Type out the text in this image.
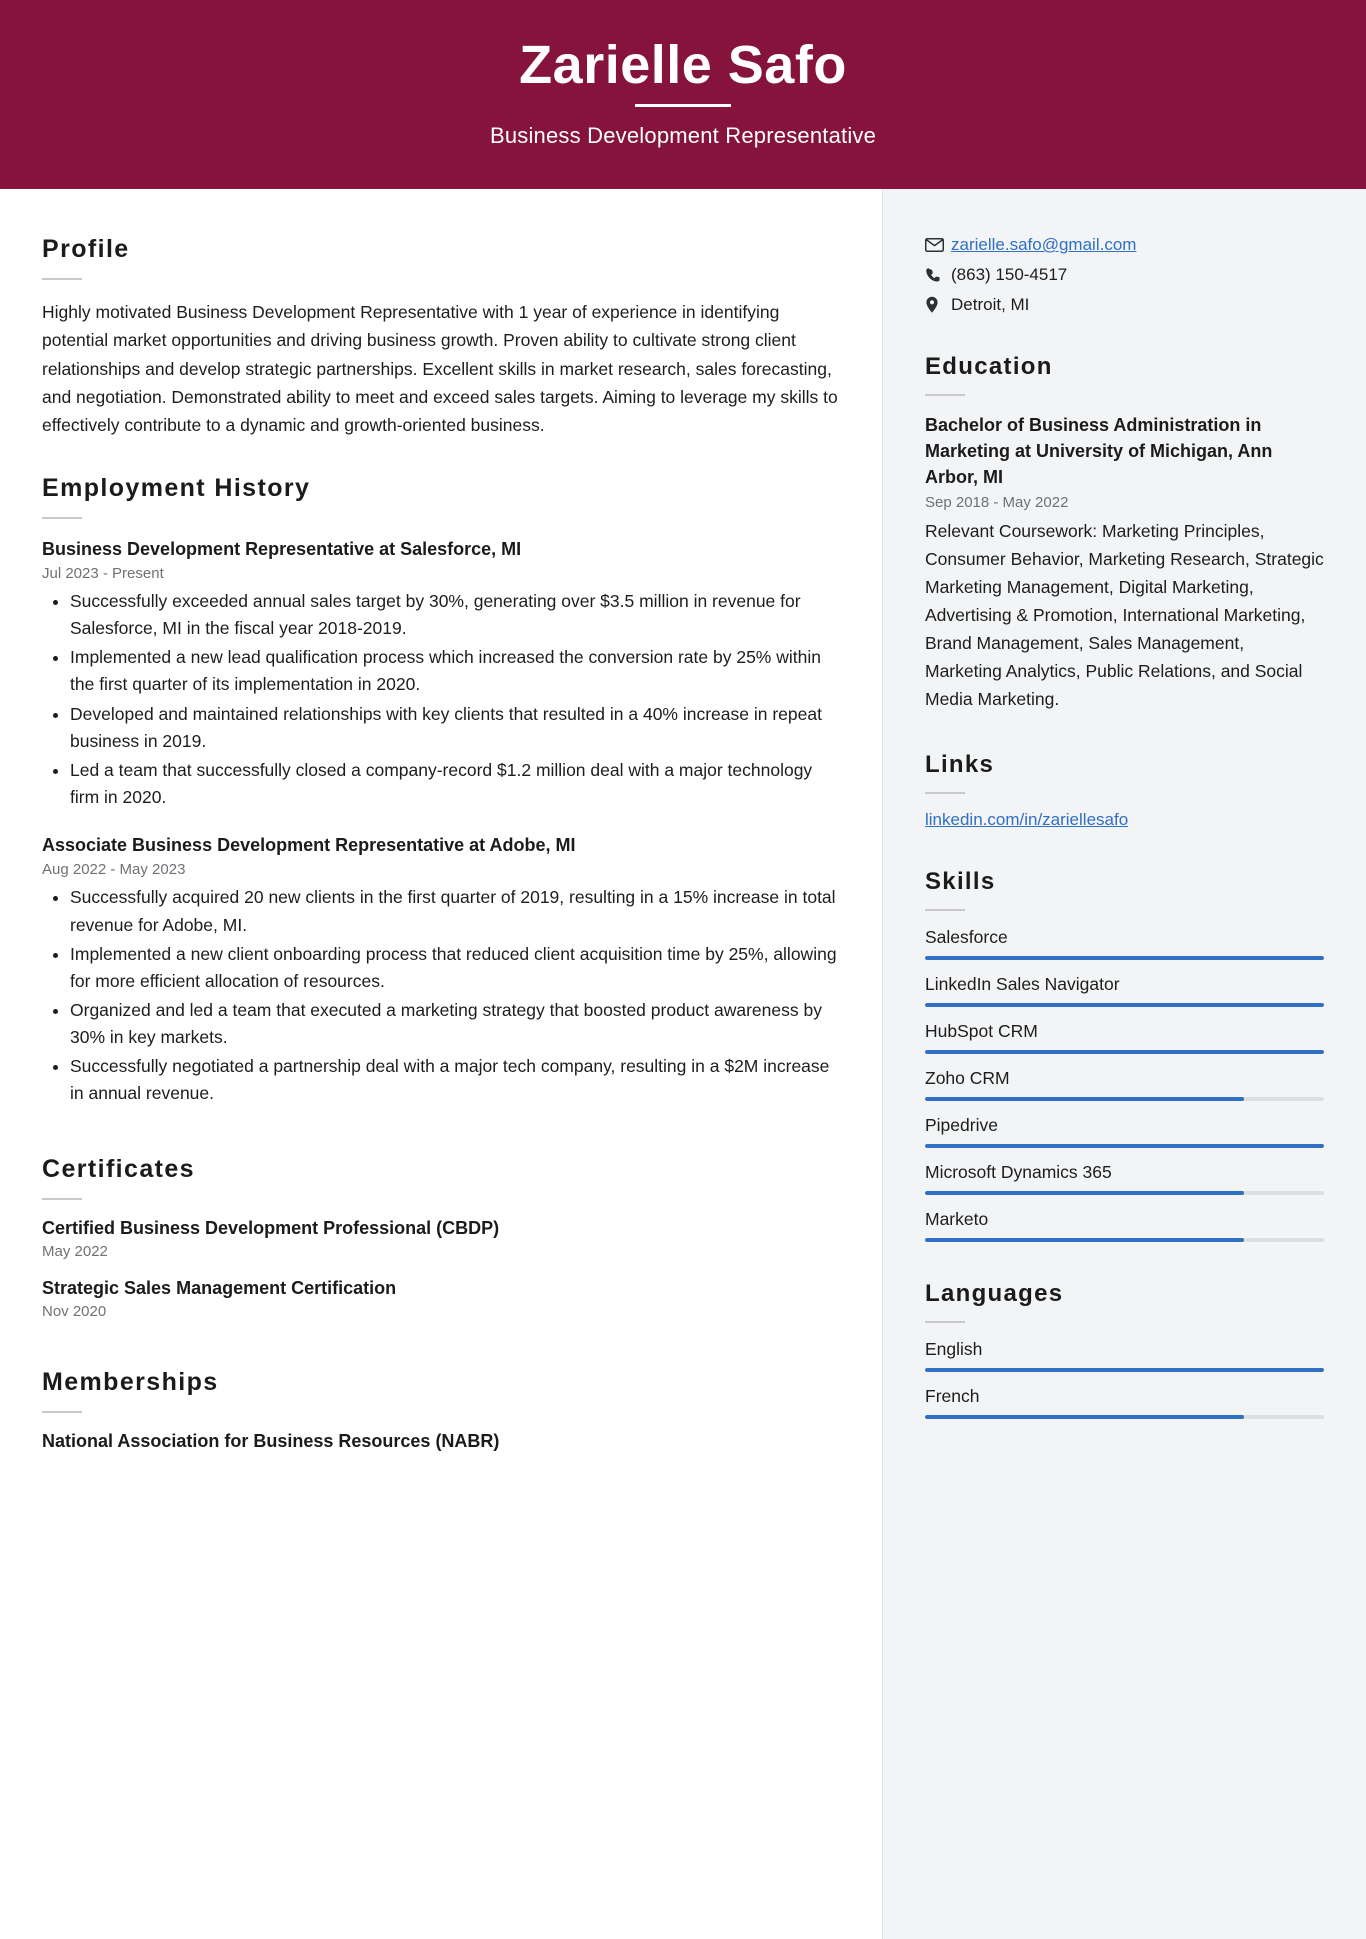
Zarielle Safo
Business Development Representative
Profile

Highly motivated Business Development Representative with 1 year of experience in identifying potential market opportunities and driving business growth. Proven ability to cultivate strong client relationships and develop strategic partnerships. Excellent skills in market research, sales forecasting, and negotiation. Demonstrated ability to meet and exceed sales targets. Aiming to leverage my skills to effectively contribute to a dynamic and growth-oriented business.

Employment History
Business Development Representative at Salesforce, MI
Jul 2023 - Present
• Successfully exceeded annual sales target by 30%, generating over $3.5 million in revenue for Salesforce, MI in the fiscal year 2018-2019.
• Implemented a new lead qualification process which increased the conversion rate by 25% within the first quarter of its implementation in 2020.
• Developed and maintained relationships with key clients that resulted in a 40% increase in repeat business in 2019.
• Led a team that successfully closed a company-record $1.2 million deal with a major technology firm in 2020.
Associate Business Development Representative at Adobe, MI
Aug 2022 - May 2023
• Successfully acquired 20 new clients in the first quarter of 2019, resulting in a 15% increase in total revenue for Adobe, MI.
• Implemented a new client onboarding process that reduced client acquisition time by 25%, allowing for more efficient allocation of resources.
• Organized and led a team that executed a marketing strategy that boosted product awareness by 30% in key markets.
• Successfully negotiated a partnership deal with a major tech company, resulting in a $2M increase in annual revenue.
Certificates
Certified Business Development Professional (CBDP)
May 2022
Strategic Sales Management Certification
Nov 2020
Memberships
National Association for Business Resources (NABR)
zarielle.safo@gmail.com
(863) 150-4517
Detroit, MI
Education
Bachelor of Business Administration in Marketing at University of Michigan, Ann Arbor, MI
Sep 2018 - May 2022

Relevant Coursework: Marketing Principles, Consumer Behavior, Marketing Research, Strategic Marketing Management, Digital Marketing, Advertising & Promotion, International Marketing, Brand Management, Sales Management, Marketing Analytics, Public Relations, and Social Media Marketing.

Links
linkedin.com/in/zariellesafo
Skills
Salesforce
LinkedIn Sales Navigator
HubSpot CRM
Zoho CRM
Pipedrive
Microsoft Dynamics 365
Marketo
Languages
English
French
